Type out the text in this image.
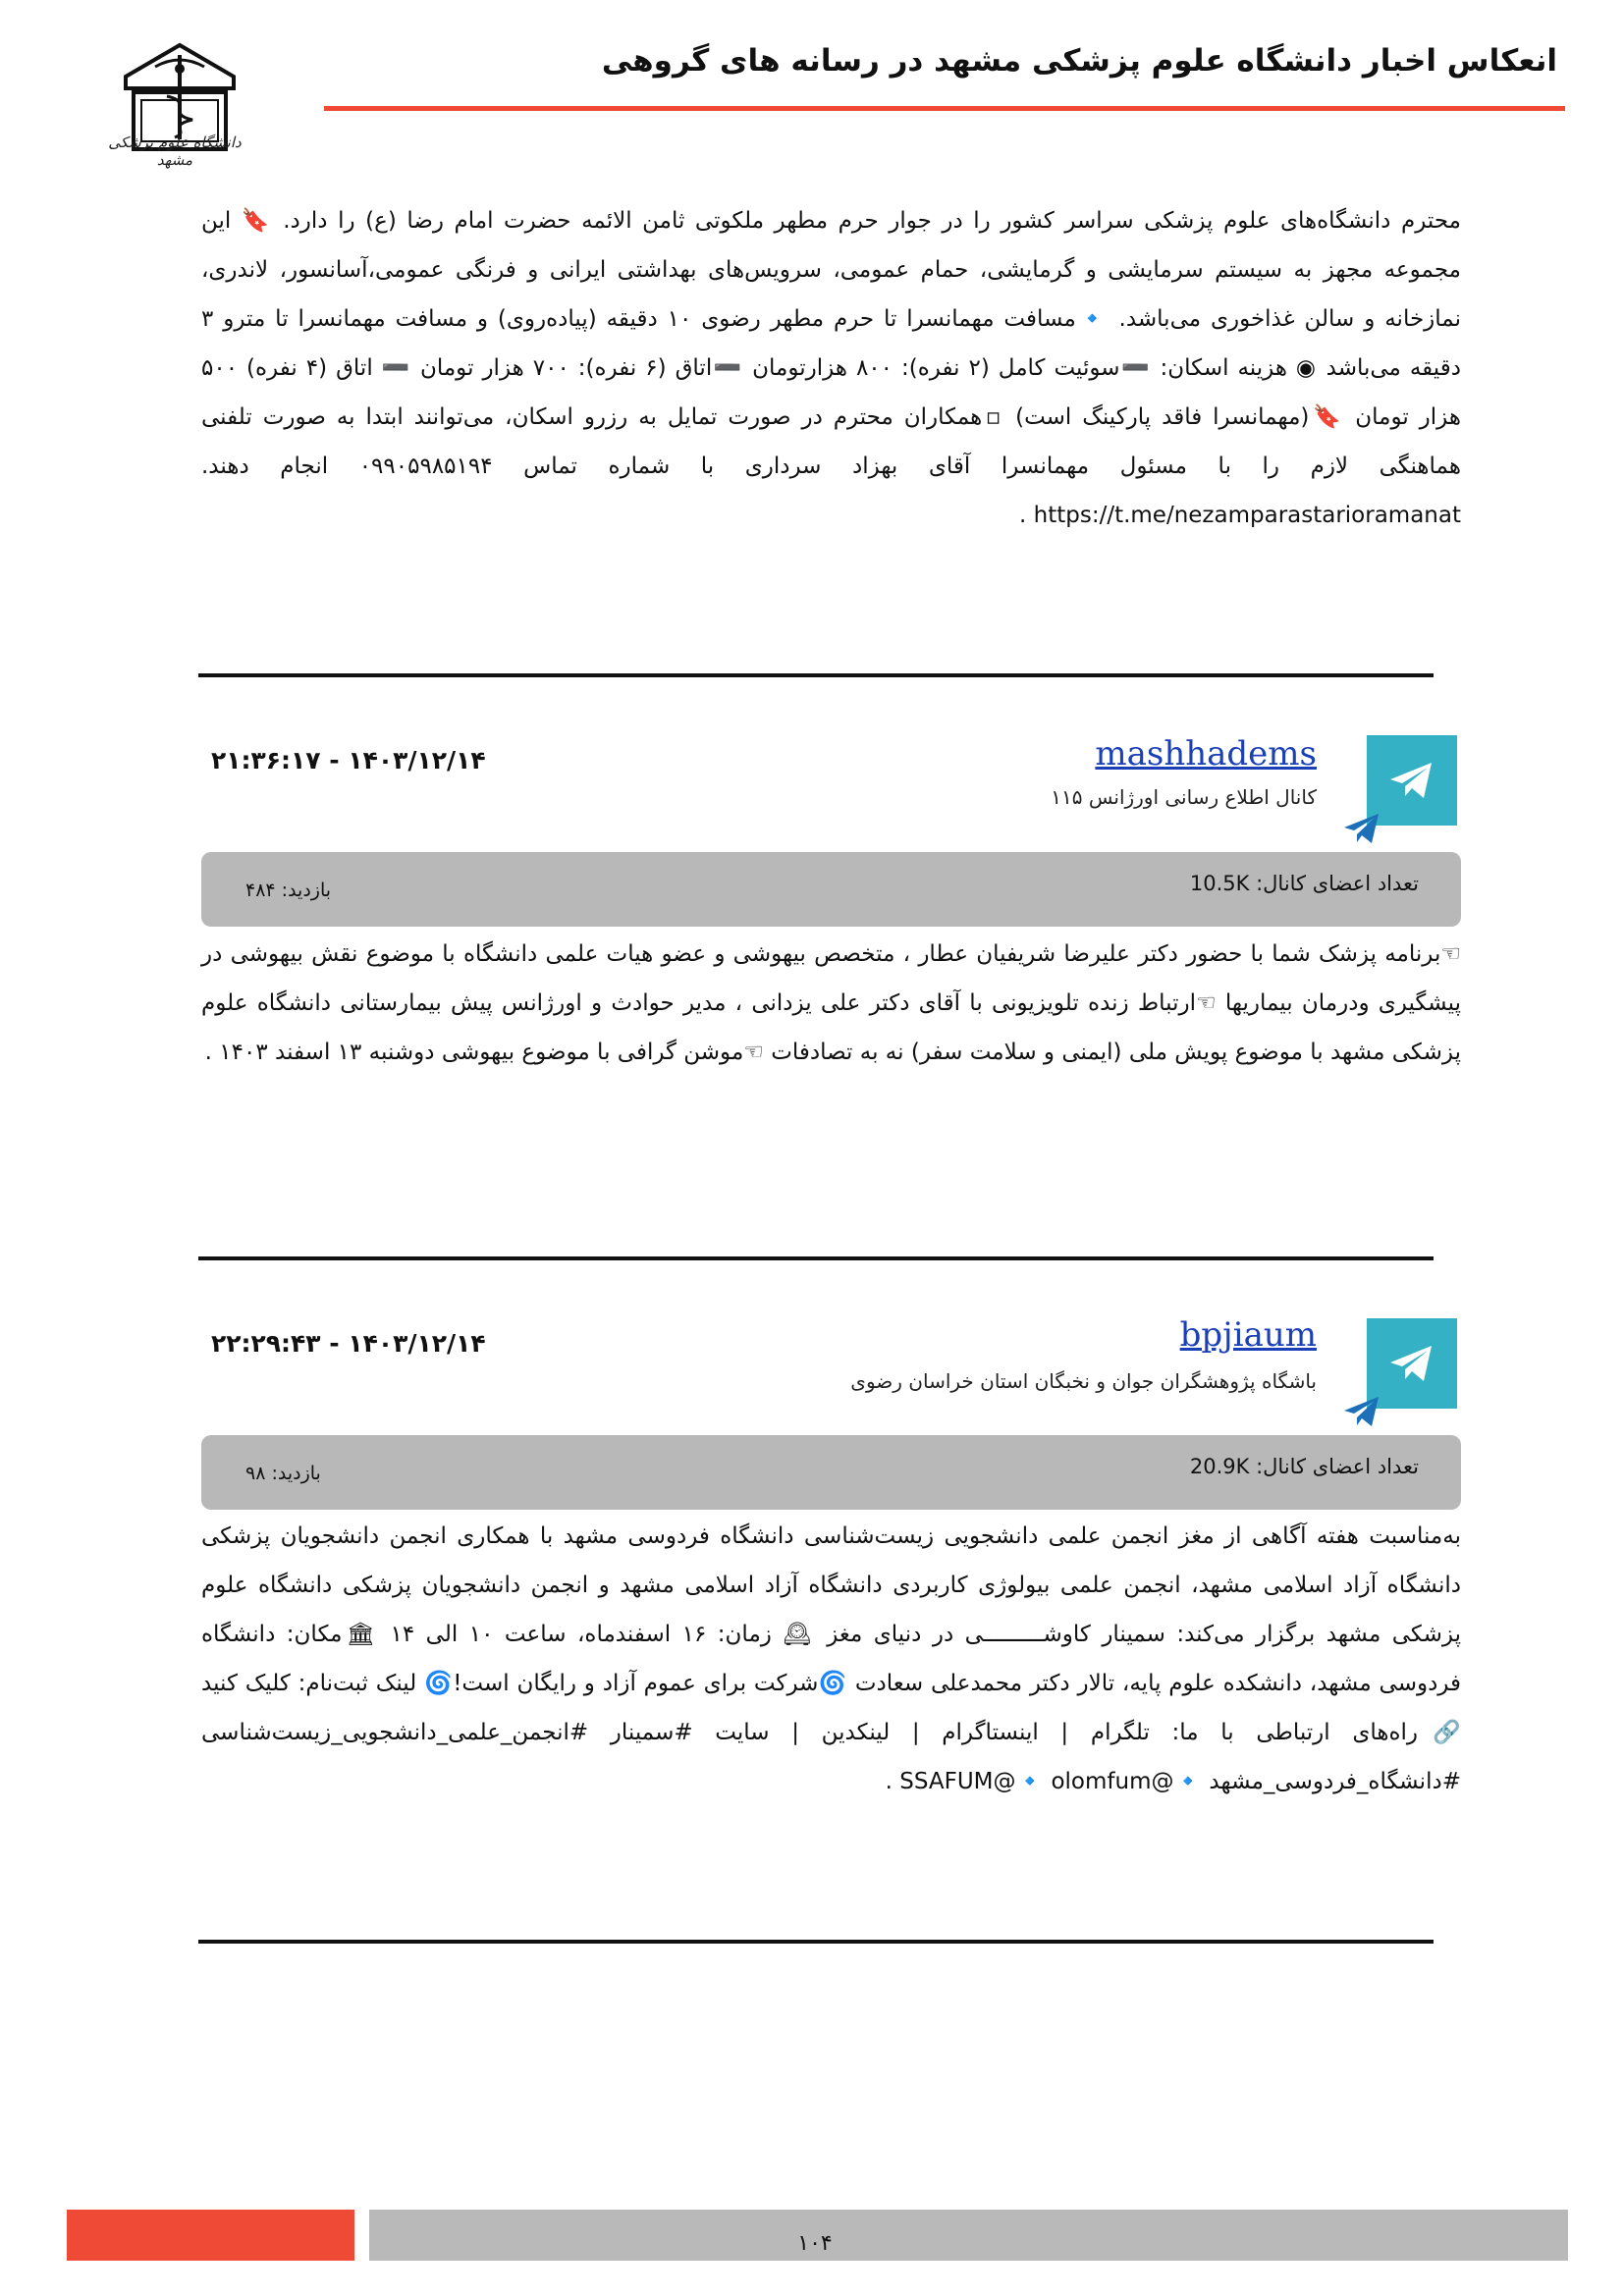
انعکاس اخبار دانشگاه علوم پزشکی مشهد در رسانه های گروهی
دانشگاه علوم پزشکی مشهد
محترم دانشگاه‌های علوم پزشکی سراسر کشور را در جوار حرم مطهر ملکوتی ثامن الائمه حضرت امام رضا (ع) را دارد. 🔖 این مجموعه مجهز به سیستم سرمایشی و گرمایشی، حمام عمومی، سرویس‌های بهداشتی ایرانی و فرنگی عمومی،آسانسور، لاندری، نمازخانه و سالن غذاخوری می‌باشد. 🔹مسافت مهمانسرا تا حرم مطهر رضوی ۱۰ دقیقه (پیاده‌روی) و مسافت مهمانسرا تا مترو ۳ دقیقه می‌باشد ◉ هزینه اسکان: ➖سوئیت کامل (۲ نفره): ۸۰۰ هزارتومان ➖اتاق (۶ نفره): ۷۰۰ هزار تومان ➖ اتاق (۴ نفره) ۵۰۰ هزار تومان 🔖(مهمانسرا فاقد پارکینگ است) ▫همکاران محترم در صورت تمایل به رزرو اسکان، می‌توانند ابتدا به صورت تلفنی هماهنگی لازم را با مسئول مهمانسرا آقای بهزاد سرداری با شماره تماس ۰۹۹۰۵۹۸۵۱۹۴ انجام دهند. https://t.me/nezamparastarioramanat .
mashhadems
کانال اطلاع رسانی اورژانس ۱۱۵
۲۱:۳۶:۱۷ - ۱۴۰۳/۱۲/۱۴
تعداد اعضای کانال: 10.5K
بازدید: ۴۸۴
☜برنامه پزشک شما با حضور دکتر علیرضا شریفیان عطار ، متخصص بیهوشی و عضو هیات علمی دانشگاه با موضوع نقش بیهوشی در پیشگیری ودرمان بیماریها ☜ارتباط زنده تلویزیونی با آقای دکتر علی یزدانی ، مدیر حوادث و اورژانس پیش بیمارستانی دانشگاه علوم پزشکی مشهد با موضوع پویش ملی (ایمنی و سلامت سفر) نه به تصادفات ☜موشن گرافی با موضوع بیهوشی دوشنبه ۱۳ اسفند ۱۴۰۳ .
bpjiaum
باشگاه پژوهشگران جوان و نخبگان استان خراسان رضوی
۲۲:۲۹:۴۳ - ۱۴۰۳/۱۲/۱۴
تعداد اعضای کانال: 20.9K
بازدید: ۹۸
به‌مناسبت هفته آگاهی از مغز انجمن علمی دانشجویی زیست‌شناسی دانشگاه فردوسی مشهد با همکاری انجمن دانشجویان پزشکی دانشگاه آزاد اسلامی مشهد، انجمن علمی بیولوژی کاربردی دانشگاه آزاد اسلامی مشهد و انجمن دانشجویان پزشکی دانشگاه علوم پزشکی مشهد برگزار می‌کند: سمینار کاوشـــــــــی در دنیای مغز 🕰 زمان: ۱۶ اسفندماه، ساعت ۱۰ الی ۱۴ 🏛مکان: دانشگاه فردوسی مشهد، دانشکده علوم پایه، تالار دکتر محمدعلی سعادت 🌀شرکت برای عموم آزاد و رایگان است!🌀 لینک ثبت‌نام: کلیک کنید 🔗راه‌های ارتباطی با ما: تلگرام | اینستاگرام | لینکدین | سایت #سمینار #انجمن_علمی_دانشجویی_زیست‌شناسی #دانشگاه_فردوسی_مشهد 🔹@SSAFUM@🔹 olomfum .
۱۰۴
